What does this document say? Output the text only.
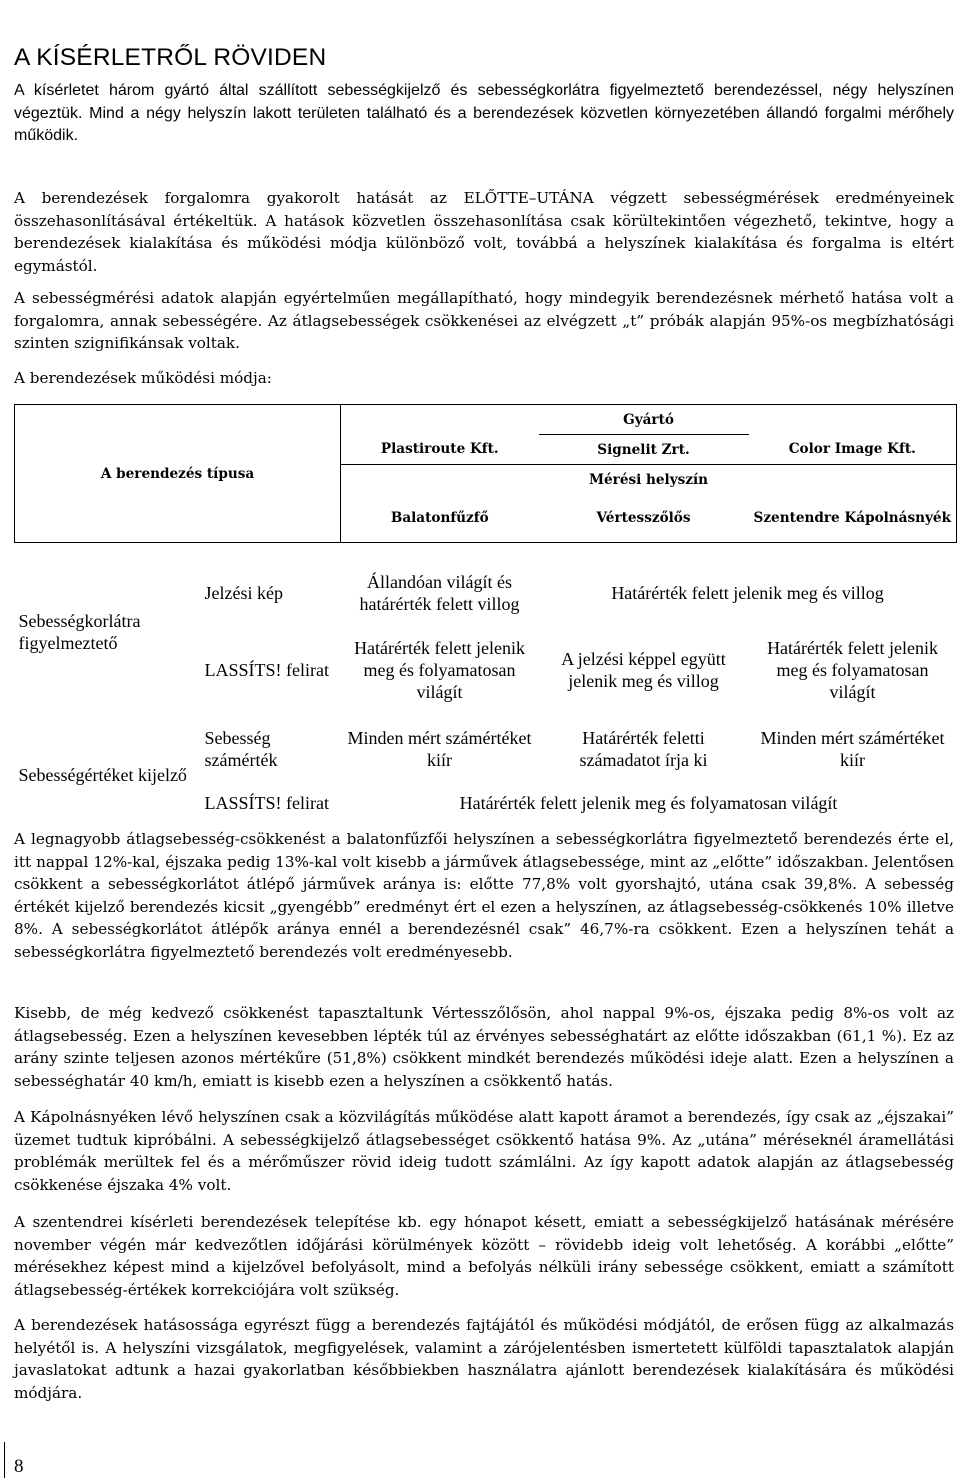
A KÍSÉRLETRŐL RÖVIDEN

A kísérletet három gyártó által szállított sebességkijelző és sebességkorlátra figyelmeztető berendezéssel, négy helyszínen végeztük. Mind a négy helyszín lakott területen található és a berendezések közvetlen környezetében állandó forgalmi mérőhely működik.

A berendezések forgalomra gyakorolt hatását az ELŐTTE–UTÁNA végzett sebességmérések eredményeinek összehasonlításával értékeltük. A hatások közvetlen összehasonlítása csak körültekintően végezhető, tekintve, hogy a berendezések kialakítása és működési módja különböző volt, továbbá a helyszínek kialakítása és forgalma is eltért egymástól.

A sebességmérési adatok alapján egyértelműen megállapítható, hogy mindegyik berendezésnek mérhető hatása volt a forgalomra, annak sebességére. Az átlagsebességek csökkenései az elvégzett „t” próbák alapján 95%-os megbízhatósági szinten szignifikánsak voltak.

A berendezések működési módja:

A berendezés típusa		Gyártó		
		Plastiroute Kft.	Signelit Zrt.	Color Image Kft.
		Mérési helyszín		
		Balatonfűzfő	Vértesszőlős	Szentendre Kápolnásnyék

Sebességkorlátra figyelmeztető	Jelzési kép	Állandóan világít és határérték felett villog	Határérték felett jelenik meg és villog	
	LASSÍTS! felirat	Határérték felett jelenik meg és folyamatosan világít	A jelzési képpel együtt jelenik meg és villog	Határérték felett jelenik meg és folyamatosan világít

Sebességértéket kijelző	Sebesség számérték	Minden mért számértéket kiír	Határérték feletti számadatot írja ki	Minden mért számértéket kiír
	LASSÍTS! felirat	Határérték felett jelenik meg és folyamatosan világít		

A legnagyobb átlagsebesség-csökkenést a balatonfűzfői helyszínen a sebességkorlátra figyelmeztető berendezés érte el, itt nappal 12%-kal, éjszaka pedig 13%-kal volt kisebb a járművek átlagsebessége, mint az „előtte” időszakban. Jelentősen csökkent a sebességkorlátot átlépő járművek aránya is: előtte 77,8% volt gyorshajtó, utána csak 39,8%. A sebesség értékét kijelző berendezés kicsit „gyengébb” eredményt ért el ezen a helyszínen, az átlagsebesség-csökkenés 10% illetve 8%. A sebességkorlátot átlépők aránya ennél a berendezésnél csak” 46,7%-ra csökkent. Ezen a helyszínen tehát a sebességkorlátra figyelmeztető berendezés volt eredményesebb.

Kisebb, de még kedvező csökkenést tapasztaltunk Vértesszőlősön, ahol nappal 9%-os, éjszaka pedig 8%-os volt az átlagsebesség. Ezen a helyszínen kevesebben lépték túl az érvényes sebességhatárt az előtte időszakban (61,1 %). Ez az arány szinte teljesen azonos mértékűre (51,8%) csökkent mindkét berendezés működési ideje alatt. Ezen a helyszínen a sebességhatár 40 km/h, emiatt is kisebb ezen a helyszínen a csökkentő hatás.

A Kápolnásnyéken lévő helyszínen csak a közvilágítás működése alatt kapott áramot a berendezés, így csak az „éjszakai” üzemet tudtuk kipróbálni. A sebességkijelző átlagsebességet csökkentő hatása 9%. Az „utána” méréseknél áramellátási problémák merültek fel és a mérőműszer rövid ideig tudott számlálni. Az így kapott adatok alapján az átlagsebesség csökkenése éjszaka 4% volt.

A szentendrei kísérleti berendezések telepítése kb. egy hónapot késett, emiatt a sebességkijelző hatásának mérésére november végén már kedvezőtlen időjárási körülmények között – rövidebb ideig volt lehetőség. A korábbi „előtte” mérésekhez képest mind a kijelzővel befolyásolt, mind a befolyás nélküli irány sebessége csökkent, emiatt a számított átlagsebesség-értékek korrekciójára volt szükség.

A berendezések hatásossága egyrészt függ a berendezés fajtájától és működési módjától, de erősen függ az alkalmazás helyétől is. A helyszíni vizsgálatok, megfigyelések, valamint a zárójelentésben ismertetett külföldi tapasztalatok alapján javaslatokat adtunk a hazai gyakorlatban későbbiekben használatra ajánlott berendezések kialakítására és működési módjára.

8
